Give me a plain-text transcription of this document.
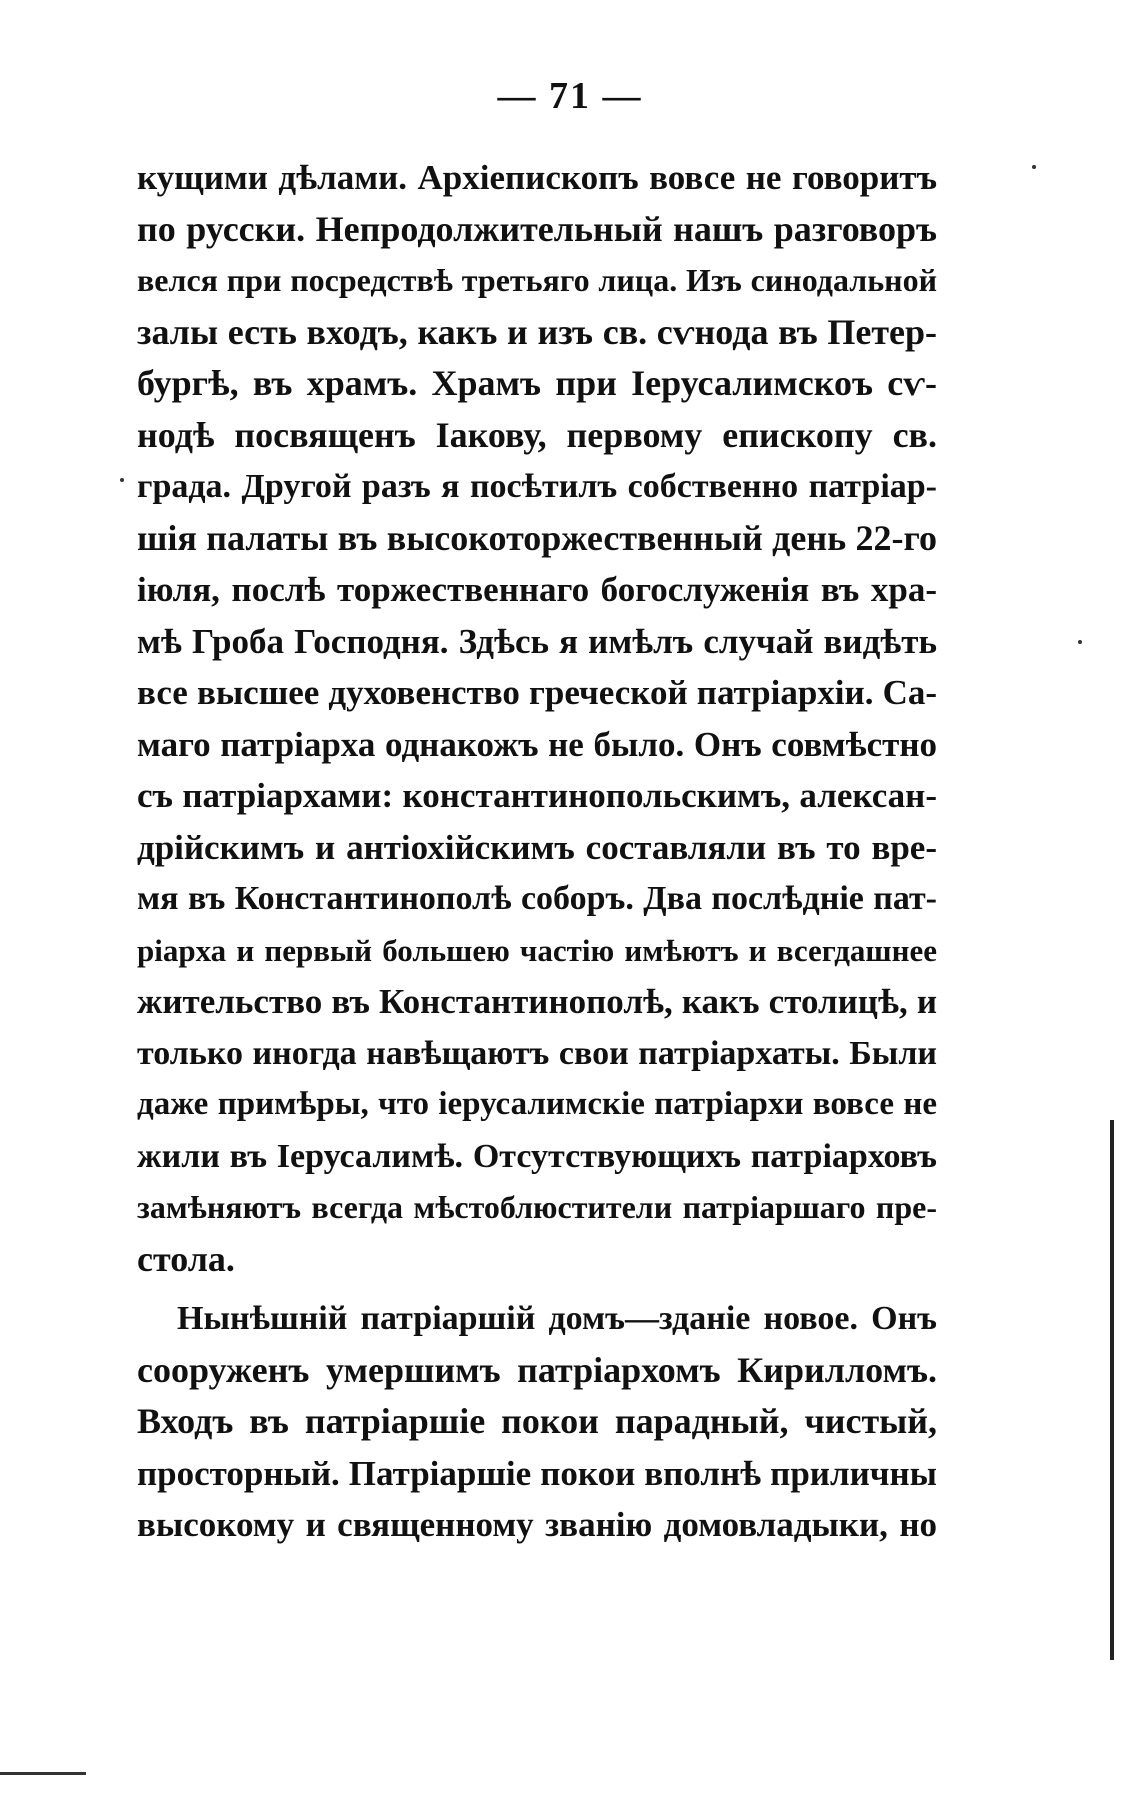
— 71 —
кущими дѣлами. Архіепископъ вовсе не говоритъ
по русски. Непродолжительный нашъ разговоръ
велся при посредствѣ третьяго лица. Изъ синодальной
залы есть входъ, какъ и изъ св. сѵнода въ Петер-
бургѣ, въ храмъ. Храмъ при Іерусалимскоъ сѵ-
нодѣ посвященъ Іакову, первому епископу св.
града. Другой разъ я посѣтилъ собственно патріар-
шія палаты въ высокоторжественный день 22-го
іюля, послѣ торжественнаго богослуженія въ хра-
мѣ Гроба Господня. Здѣсь я имѣлъ случай видѣть
все высшее духовенство греческой патріархіи. Са-
маго патріарха однакожъ не было. Онъ совмѣстно
съ патріархами: константинопольскимъ, алексан-
дрійскимъ и антіохійскимъ составляли въ то вре-
мя въ Константинополѣ соборъ. Два послѣдніе пат-
ріарха и первый большею частію имѣютъ и всегдашнее
жительство въ Константинополѣ, какъ столицѣ, и
только иногда навѣщаютъ свои патріархаты. Были
даже примѣры, что іерусалимскіе патріархи вовсе не
жили въ Іерусалимѣ. Отсутствующихъ патріарховъ
замѣняютъ всегда мѣстоблюстители патріаршаго пре-
стола.
Нынѣшній патріаршій домъ—зданіе новое. Онъ
сооруженъ умершимъ патріархомъ Кирилломъ.
Входъ въ патріаршіе покои парадный, чистый,
просторный. Патріаршіе покои вполнѣ приличны
высокому и священному званію домовладыки, но
